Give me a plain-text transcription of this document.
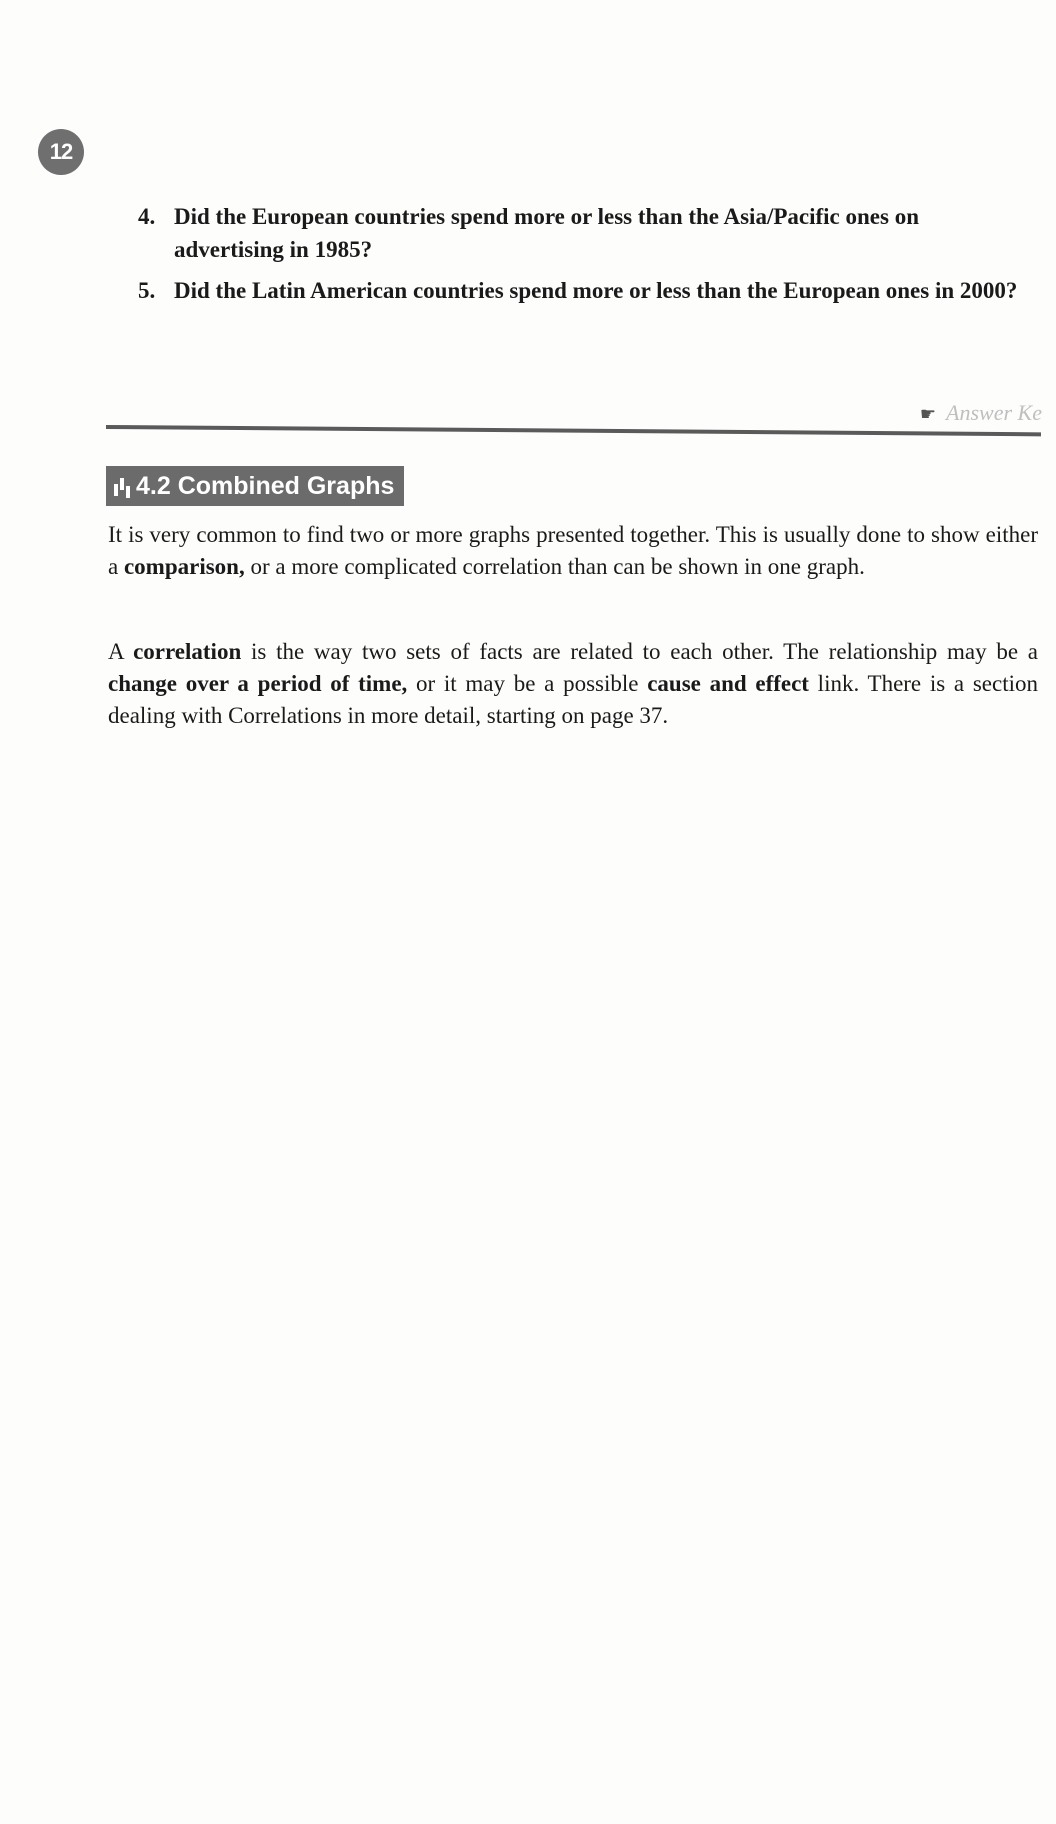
12
4. Did the European countries spend more or less than the Asia/Pacific ones on advertising in 1985?
5. Did the Latin American countries spend more or less than the European ones in 2000?
☛ Answer Ke
4.2 Combined Graphs

It is very common to find two or more graphs presented together. This is usually done to show either a comparison, or a more complicated correlation than can be shown in one graph.

A correlation is the way two sets of facts are related to each other. The relationship may be a change over a period of time, or it may be a possible cause and effect link. There is a section dealing with Correlations in more detail, starting on page 37.
